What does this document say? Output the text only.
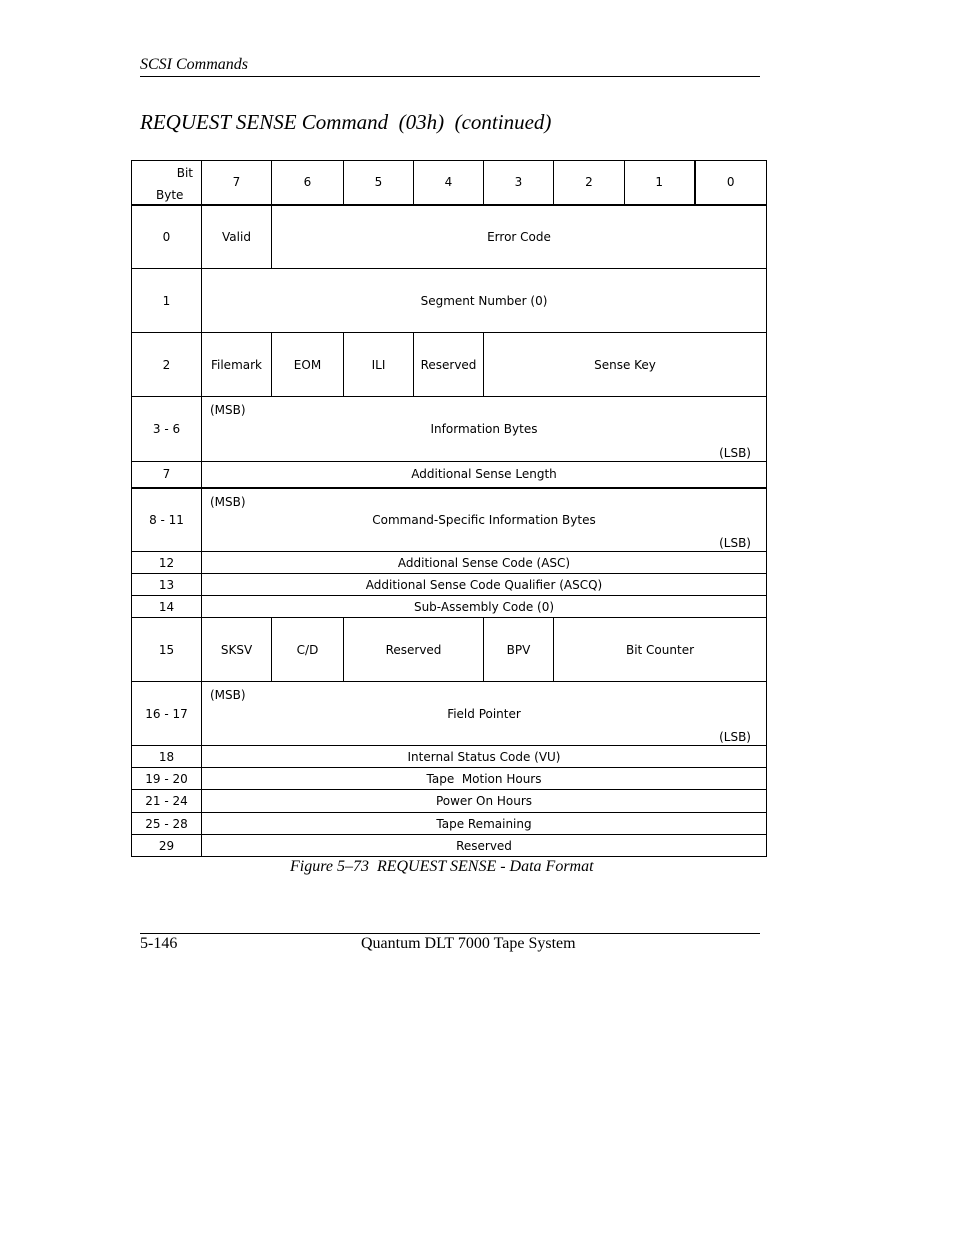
SCSI Commands
REQUEST SENSE Command  (03h)  (continued)
Bit
Byte	7	6	5	4	3	2	1	0
0	Valid	Error Code						
1	Segment Number (0)							
2	Filemark	EOM	ILI	Reserved	Sense Key			
3 - 6	(MSB)
Information Bytes
(LSB)							

7	Additional Sense Length							
8 - 11	(MSB)
Command-Specific Information Bytes
(LSB)							

12	Additional Sense Code (ASC)							
13	Additional Sense Code Qualifier (ASCQ)							
14	Sub-Assembly Code (0)							
15	SKSV	C/D	Reserved		BPV	Bit Counter		
16 - 17	(MSB)
Field Pointer
(LSB)							

18	Internal Status Code (VU)							
19 - 20	Tape  Motion Hours							
21 - 24	Power On Hours							
25 - 28	Tape Remaining							
29	Reserved							
Figure 5–73  REQUEST SENSE - Data Format
5-146	Quantum DLT 7000 Tape System
